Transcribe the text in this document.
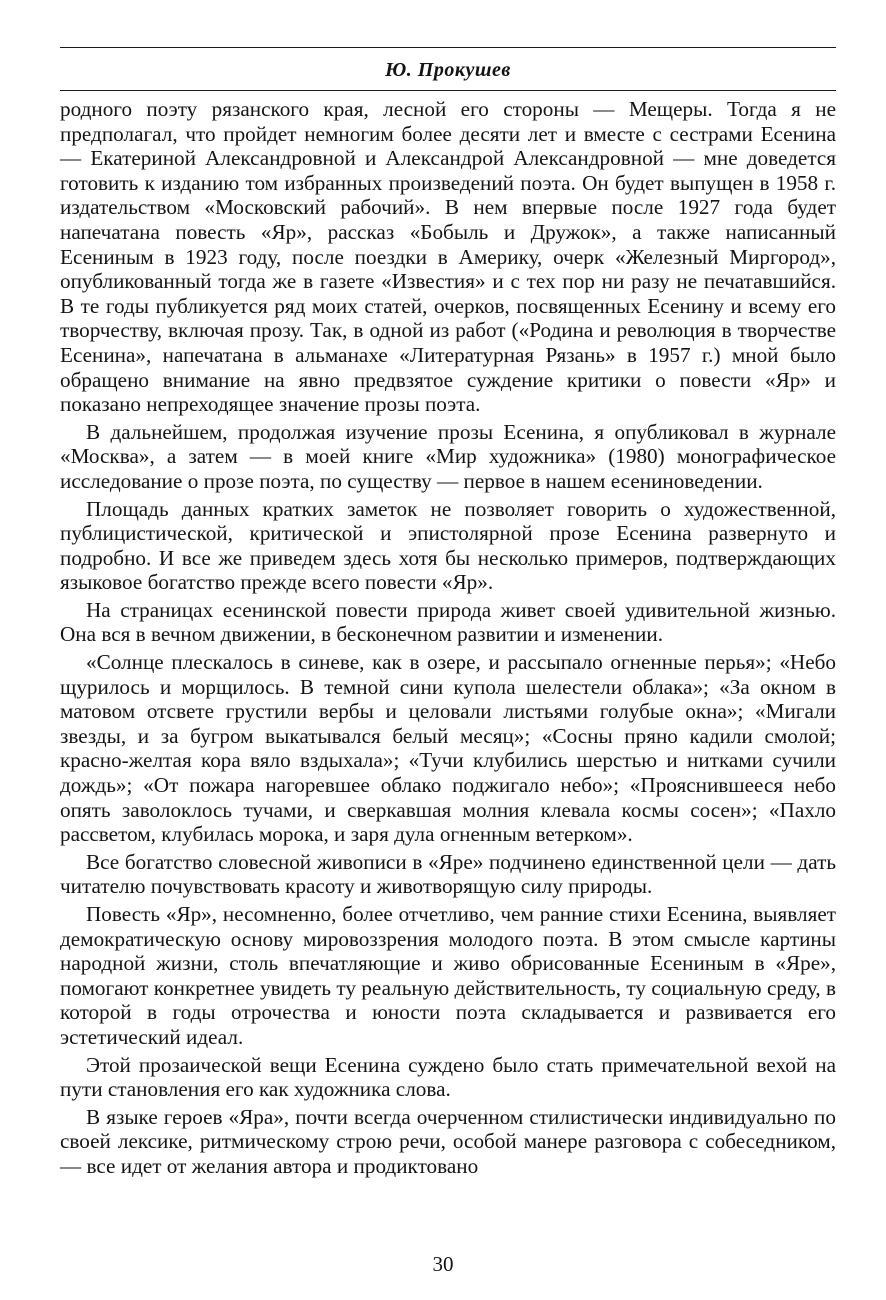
Ю. Прокушев

родного поэту рязанского края, лесной его стороны — Мещеры. Тогда я не предполагал, что пройдет немногим более десяти лет и вместе с сестрами Есенина — Екатериной Александровной и Александрой Александровной — мне доведется готовить к изданию том избранных произведений поэта. Он будет выпущен в 1958 г. издательством «Московский рабочий». В нем впервые после 1927 года будет напечатана повесть «Яр», рассказ «Бобыль и Дружок», а также написанный Есениным в 1923 году, после поездки в Америку, очерк «Железный Миргород», опубликованный тогда же в газете «Известия» и с тех пор ни разу не печатавшийся. В те годы публикуется ряд моих статей, очерков, посвященных Есенину и всему его творчеству, включая прозу. Так, в одной из работ («Родина и революция в творчестве Есенина», напечатана в альманахе «Литературная Рязань» в 1957 г.) мной было обращено внимание на явно предвзятое суждение критики о повести «Яр» и показано непреходящее значение прозы поэта.

В дальнейшем, продолжая изучение прозы Есенина, я опубликовал в журнале «Москва», а затем — в моей книге «Мир художника» (1980) монографическое исследование о прозе поэта, по существу — первое в нашем есениноведении.

Площадь данных кратких заметок не позволяет говорить о художественной, публицистической, критической и эпистолярной прозе Есенина развернуто и подробно. И все же приведем здесь хотя бы несколько примеров, подтверждающих языковое богатство прежде всего повести «Яр».

На страницах есенинской повести природа живет своей удивительной жизнью. Она вся в вечном движении, в бесконечном развитии и изменении.

«Солнце плескалось в синеве, как в озере, и рассыпало огненные перья»; «Небо щурилось и морщилось. В темной сини купола шелестели облака»; «За окном в матовом отсвете грустили вербы и целовали листьями голубые окна»; «Мигали звезды, и за бугром выкатывался белый месяц»; «Сосны пряно кадили смолой; красно-желтая кора вяло вздыхала»; «Тучи клубились шерстью и нитками сучили дождь»; «От пожара нагоревшее облако поджигало небо»; «Прояснившееся небо опять заволоклось тучами, и сверкавшая молния клевала космы сосен»; «Пахло рассветом, клубилась морока, и заря дула огненным ветерком».

Все богатство словесной живописи в «Яре» подчинено единственной цели — дать читателю почувствовать красоту и животворящую силу природы.

Повесть «Яр», несомненно, более отчетливо, чем ранние стихи Есенина, выявляет демократическую основу мировоззрения молодого поэта. В этом смысле картины народной жизни, столь впечатляющие и живо обрисованные Есениным в «Яре», помогают конкретнее увидеть ту реальную действительность, ту социальную среду, в которой в годы отрочества и юности поэта складывается и развивается его эстетический идеал.

Этой прозаической вещи Есенина суждено было стать примечательной вехой на пути становления его как художника слова.

В языке героев «Яра», почти всегда очерченном стилистически индивидуально по своей лексике, ритмическому строю речи, особой манере разговора с собеседником, — все идет от желания автора и продиктовано

30
